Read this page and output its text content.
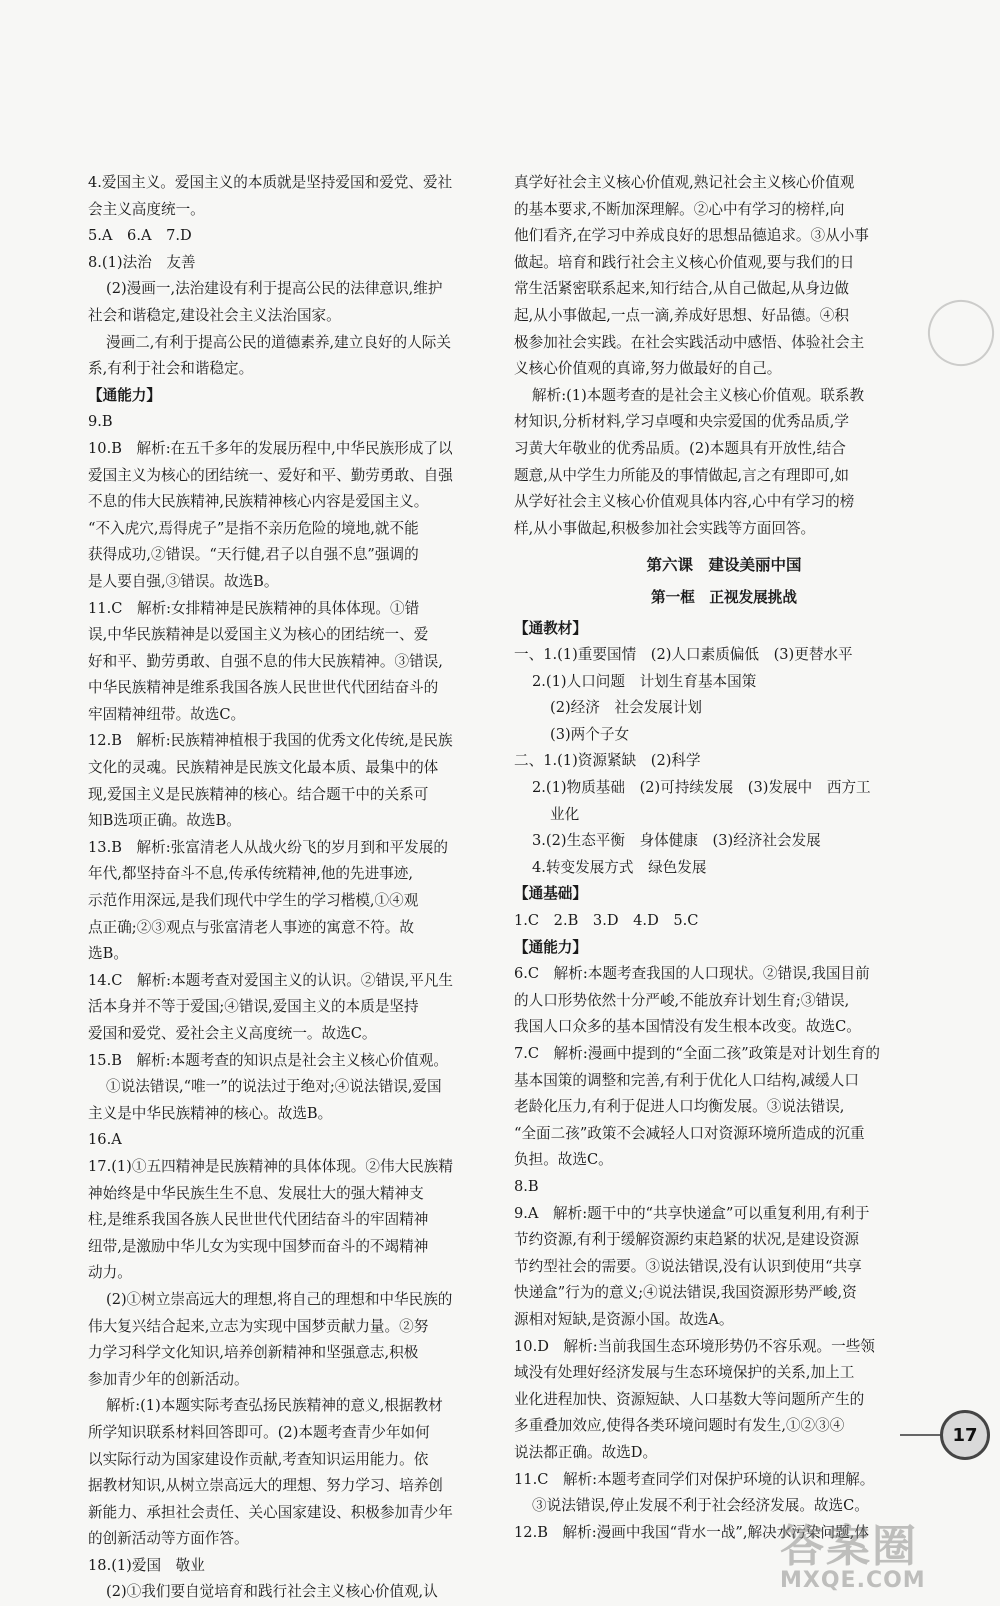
4.爱国主义。爱国主义的本质就是坚持爱国和爱党、爱社

会主义高度统一。

5.A　6.A　7.D

8.(1)法治　友善

(2)漫画一,法治建设有利于提高公民的法律意识,维护

社会和谐稳定,建设社会主义法治国家。

漫画二,有利于提高公民的道德素养,建立良好的人际关

系,有利于社会和谐稳定。

【通能力】

9.B

10.B　解析:在五千多年的发展历程中,中华民族形成了以

爱国主义为核心的团结统一、爱好和平、勤劳勇敢、自强

不息的伟大民族精神,民族精神核心内容是爱国主义。

“不入虎穴,焉得虎子”是指不亲历危险的境地,就不能

获得成功,②错误。“天行健,君子以自强不息”强调的

是人要自强,③错误。故选B。

11.C　解析:女排精神是民族精神的具体体现。①错

误,中华民族精神是以爱国主义为核心的团结统一、爱

好和平、勤劳勇敢、自强不息的伟大民族精神。③错误,

中华民族精神是维系我国各族人民世世代代团结奋斗的

牢固精神纽带。故选C。

12.B　解析:民族精神植根于我国的优秀文化传统,是民族

文化的灵魂。民族精神是民族文化最本质、最集中的体

现,爱国主义是民族精神的核心。结合题干中的关系可

知B选项正确。故选B。

13.B　解析:张富清老人从战火纷飞的岁月到和平发展的

年代,都坚持奋斗不息,传承传统精神,他的先进事迹,

示范作用深远,是我们现代中学生的学习楷模,①④观

点正确;②③观点与张富清老人事迹的寓意不符。故

选B。

14.C　解析:本题考查对爱国主义的认识。②错误,平凡生

活本身并不等于爱国;④错误,爱国主义的本质是坚持

爱国和爱党、爱社会主义高度统一。故选C。

15.B　解析:本题考查的知识点是社会主义核心价值观。

①说法错误,“唯一”的说法过于绝对;④说法错误,爱国

主义是中华民族精神的核心。故选B。

16.A

17.(1)①五四精神是民族精神的具体体现。②伟大民族精

神始终是中华民族生生不息、发展壮大的强大精神支

柱,是维系我国各族人民世世代代团结奋斗的牢固精神

纽带,是激励中华儿女为实现中国梦而奋斗的不竭精神

动力。

(2)①树立崇高远大的理想,将自己的理想和中华民族的

伟大复兴结合起来,立志为实现中国梦贡献力量。②努

力学习科学文化知识,培养创新精神和坚强意志,积极

参加青少年的创新活动。

解析:(1)本题实际考查弘扬民族精神的意义,根据教材

所学知识联系材料回答即可。(2)本题考查青少年如何

以实际行动为国家建设作贡献,考查知识运用能力。依

据教材知识,从树立崇高远大的理想、努力学习、培养创

新能力、承担社会责任、关心国家建设、积极参加青少年

的创新活动等方面作答。

18.(1)爱国　敬业

(2)①我们要自觉培育和践行社会主义核心价值观,认

真学好社会主义核心价值观,熟记社会主义核心价值观

的基本要求,不断加深理解。②心中有学习的榜样,向

他们看齐,在学习中养成良好的思想品德追求。③从小事

做起。培育和践行社会主义核心价值观,要与我们的日

常生活紧密联系起来,知行结合,从自己做起,从身边做

起,从小事做起,一点一滴,养成好思想、好品德。④积

极参加社会实践。在社会实践活动中感悟、体验社会主

义核心价值观的真谛,努力做最好的自己。

解析:(1)本题考查的是社会主义核心价值观。联系教

材知识,分析材料,学习卓嘎和央宗爱国的优秀品质,学

习黄大年敬业的优秀品质。(2)本题具有开放性,结合

题意,从中学生力所能及的事情做起,言之有理即可,如

从学好社会主义核心价值观具体内容,心中有学习的榜

样,从小事做起,积极参加社会实践等方面回答。

第六课　建设美丽中国
第一框　正视发展挑战

【通教材】

一、1.(1)重要国情　(2)人口素质偏低　(3)更替水平

2.(1)人口问题　计划生育基本国策

(2)经济　社会发展计划

(3)两个子女

二、1.(1)资源紧缺　(2)科学

2.(1)物质基础　(2)可持续发展　(3)发展中　西方工

业化

3.(2)生态平衡　身体健康　(3)经济社会发展

4.转变发展方式　绿色发展

【通基础】

1.C　2.B　3.D　4.D　5.C

【通能力】

6.C　解析:本题考查我国的人口现状。②错误,我国目前

的人口形势依然十分严峻,不能放弃计划生育;③错误,

我国人口众多的基本国情没有发生根本改变。故选C。

7.C　解析:漫画中提到的“全面二孩”政策是对计划生育的

基本国策的调整和完善,有利于优化人口结构,减缓人口

老龄化压力,有利于促进人口均衡发展。③说法错误,

“全面二孩”政策不会减轻人口对资源环境所造成的沉重

负担。故选C。

8.B

9.A　解析:题干中的“共享快递盒”可以重复利用,有利于

节约资源,有利于缓解资源约束趋紧的状况,是建设资源

节约型社会的需要。③说法错误,没有认识到使用“共享

快递盒”行为的意义;④说法错误,我国资源形势严峻,资

源相对短缺,是资源小国。故选A。

10.D　解析:当前我国生态环境形势仍不容乐观。一些领

域没有处理好经济发展与生态环境保护的关系,加上工

业化进程加快、资源短缺、人口基数大等问题所产生的

多重叠加效应,使得各类环境问题时有发生,①②③④

说法都正确。故选D。

11.C　解析:本题考查同学们对保护环境的认识和理解。

③说法错误,停止发展不利于社会经济发展。故选C。

12.B　解析:漫画中我国“背水一战”,解决水污染问题,体

17
答案圈
MXQE.COM
